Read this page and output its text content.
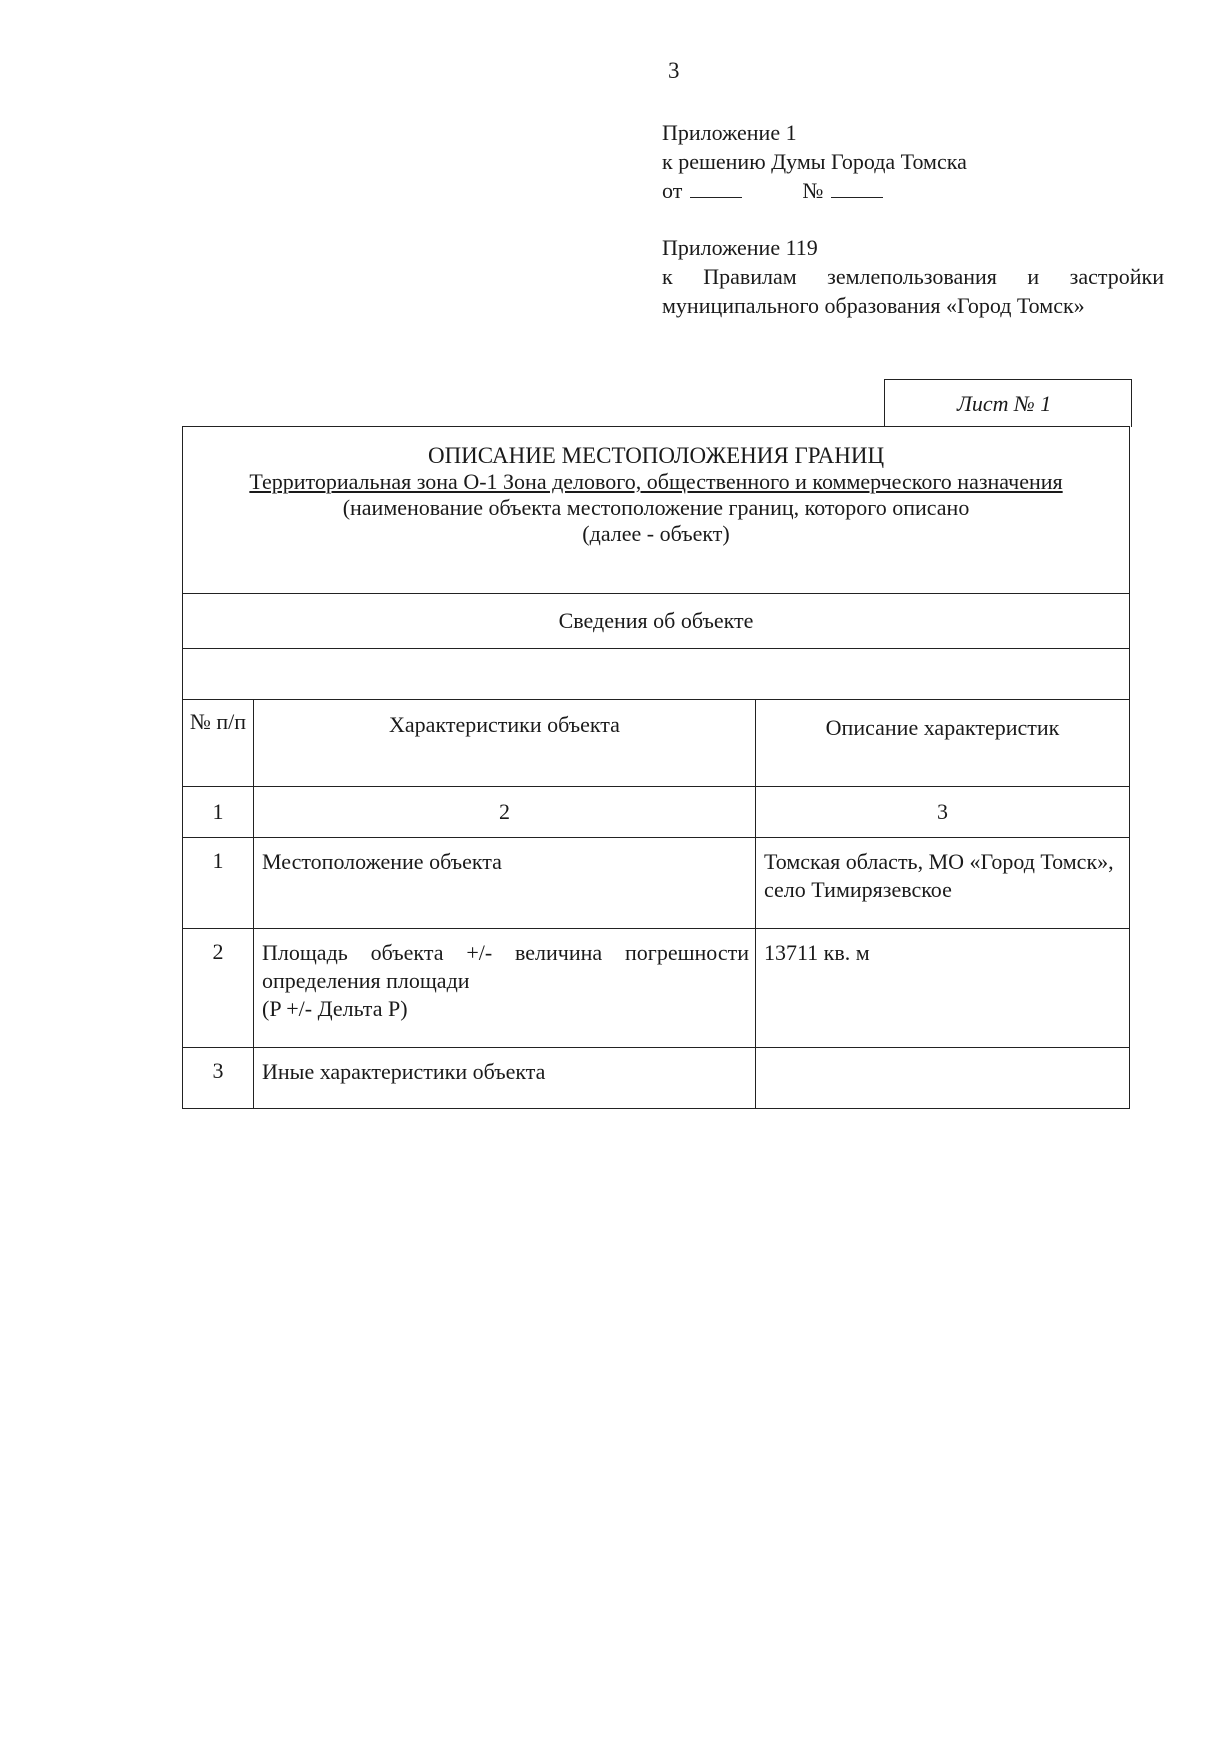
3
Приложение 1
к решению Думы Города Томска
от	№
Приложение 119
к Правилам землепользования и застройки
муниципального образования «Город Томск»
Лист № 1
ОПИСАНИЕ МЕСТОПОЛОЖЕНИЯ ГРАНИЦ
Территориальная зона О-1 Зона делового, общественного и коммерческого назначения
(наименование объекта местоположение границ, которого описано
(далее - объект)		

Сведения об объекте		

№ п/п	Характеристики объекта	Описание характеристик
1	2	3
1	Местоположение объекта	Томская область, МО «Город Томск», село Тимирязевское
2	Площадь объекта +/- величина погрешности
определения площади
(P +/- Дельта P)	13711 кв. м
3	Иные характеристики объекта	
